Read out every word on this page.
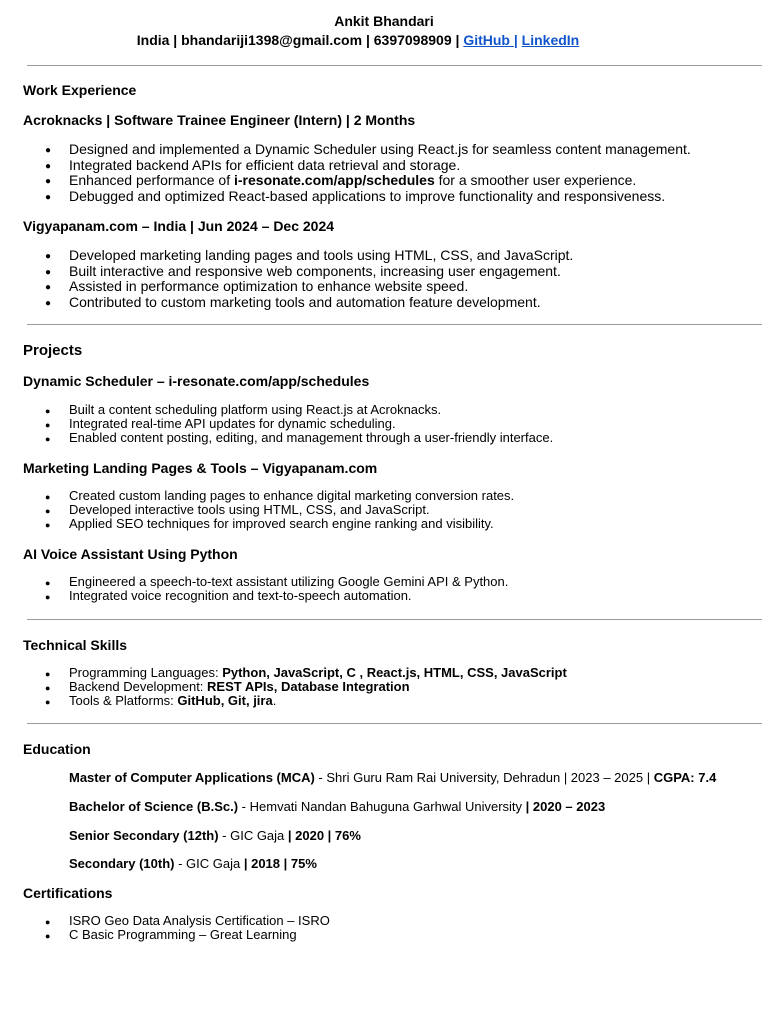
Ankit Bhandari
India | bhandariji1398@gmail.com | 6397098909 | GitHub | LinkedIn
Work Experience
Acroknacks | Software Trainee Engineer (Intern) | 2 Months
● Designed and implemented a Dynamic Scheduler using React.js for seamless content management.
● Integrated backend APIs for efficient data retrieval and storage.
● Enhanced performance of i-resonate.com/app/schedules for a smoother user experience.
● Debugged and optimized React-based applications to improve functionality and responsiveness.
Vigyapanam.com – India | Jun 2024 – Dec 2024
● Developed marketing landing pages and tools using HTML, CSS, and JavaScript.
● Built interactive and responsive web components, increasing user engagement.
● Assisted in performance optimization to enhance website speed.
● Contributed to custom marketing tools and automation feature development.
Projects
Dynamic Scheduler – i-resonate.com/app/schedules
● Built a content scheduling platform using React.js at Acroknacks.
● Integrated real-time API updates for dynamic scheduling.
● Enabled content posting, editing, and management through a user-friendly interface.
Marketing Landing Pages & Tools – Vigyapanam.com
● Created custom landing pages to enhance digital marketing conversion rates.
● Developed interactive tools using HTML, CSS, and JavaScript.
● Applied SEO techniques for improved search engine ranking and visibility.
AI Voice Assistant Using Python
● Engineered a speech-to-text assistant utilizing Google Gemini API & Python.
● Integrated voice recognition and text-to-speech automation.
Technical Skills
● Programming Languages: Python, JavaScript, C , React.js, HTML, CSS, JavaScript
● Backend Development: REST APIs, Database Integration
● Tools & Platforms: GitHub, Git, jira.
Education
Master of Computer Applications (MCA) - Shri Guru Ram Rai University, Dehradun | 2023 – 2025 | CGPA: 7.4
Bachelor of Science (B.Sc.) - Hemvati Nandan Bahuguna Garhwal University | 2020 – 2023
Senior Secondary (12th) - GIC Gaja | 2020 | 76%
Secondary (10th) - GIC Gaja | 2018 | 75%
Certifications
● ISRO Geo Data Analysis Certification – ISRO
● C Basic Programming – Great Learning
